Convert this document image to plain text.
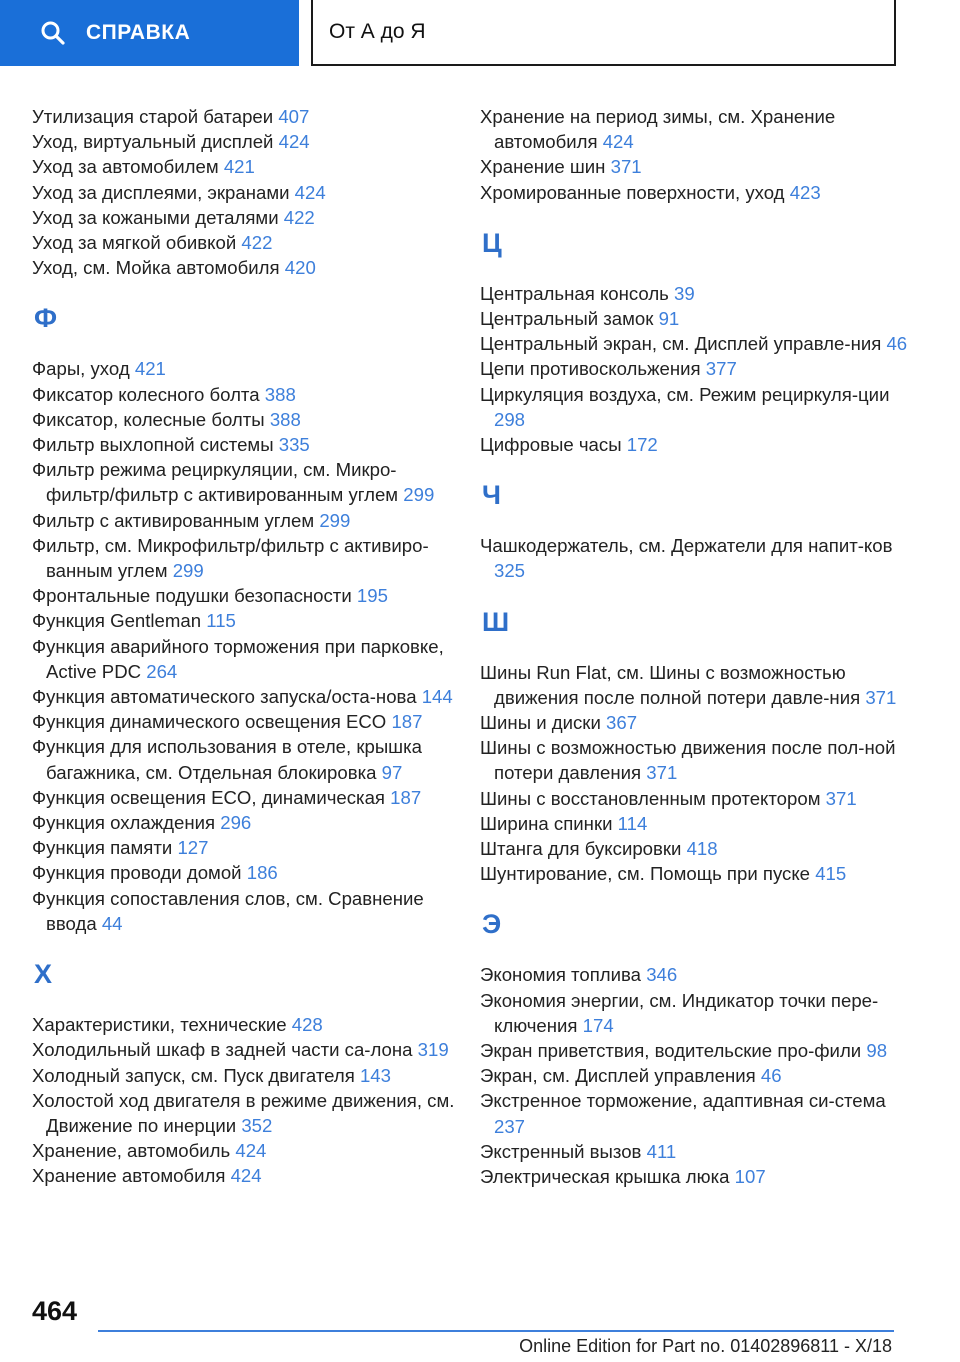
СПРАВКА	От А до Я
Утилизация старой батареи 407
Уход, виртуальный дисплей 424
Уход за автомобилем 421
Уход за дисплеями, экранами 424
Уход за кожаными деталями 422
Уход за мягкой обивкой 422
Уход, см. Мойка автомобиля 420
Ф
Фары, уход 421
Фиксатор колесного болта 388
Фиксатор, колесные болты 388
Фильтр выхлопной системы 335
Фильтр режима рециркуляции, см. Микро-фильтр/фильтр с активированным углем 299
Фильтр с активированным углем 299
Фильтр, см. Микрофильтр/фильтр с активиро-ванным углем 299
Фронтальные подушки безопасности 195
Функция Gentleman 115
Функция аварийного торможения при парковке, Active PDC 264
Функция автоматического запуска/оста-нова 144
Функция динамического освещения ECO 187
Функция для использования в отеле, крышка багажника, см. Отдельная блокировка 97
Функция освещения ECO, динамическая 187
Функция охлаждения 296
Функция памяти 127
Функция проводи домой 186
Функция сопоставления слов, см. Сравнение ввода 44
Х
Характеристики, технические 428
Холодильный шкаф в задней части са-лона 319
Холодный запуск, см. Пуск двигателя 143
Холостой ход двигателя в режиме движения, см. Движение по инерции 352
Хранение, автомобиль 424
Хранение автомобиля 424
Хранение на период зимы, см. Хранение автомобиля 424
Хранение шин 371
Хромированные поверхности, уход 423
Ц
Центральная консоль 39
Центральный замок 91
Центральный экран, см. Дисплей управле-ния 46
Цепи противоскольжения 377
Циркуляция воздуха, см. Режим рециркуля-ции 298
Цифровые часы 172
Ч
Чашкодержатель, см. Держатели для напит-ков 325
Ш
Шины Run Flat, см. Шины с возможностью движения после полной потери давле-ния 371
Шины и диски 367
Шины с возможностью движения после пол-ной потери давления 371
Шины с восстановленным протектором 371
Ширина спинки 114
Штанга для буксировки 418
Шунтирование, см. Помощь при пуске 415
Э
Экономия топлива 346
Экономия энергии, см. Индикатор точки пере-ключения 174
Экран приветствия, водительские про-фили 98
Экран, см. Дисплей управления 46
Экстренное торможение, адаптивная си-стема 237
Экстренный вызов 411
Электрическая крышка люка 107
464
Online Edition for Part no. 01402896811 - X/18
